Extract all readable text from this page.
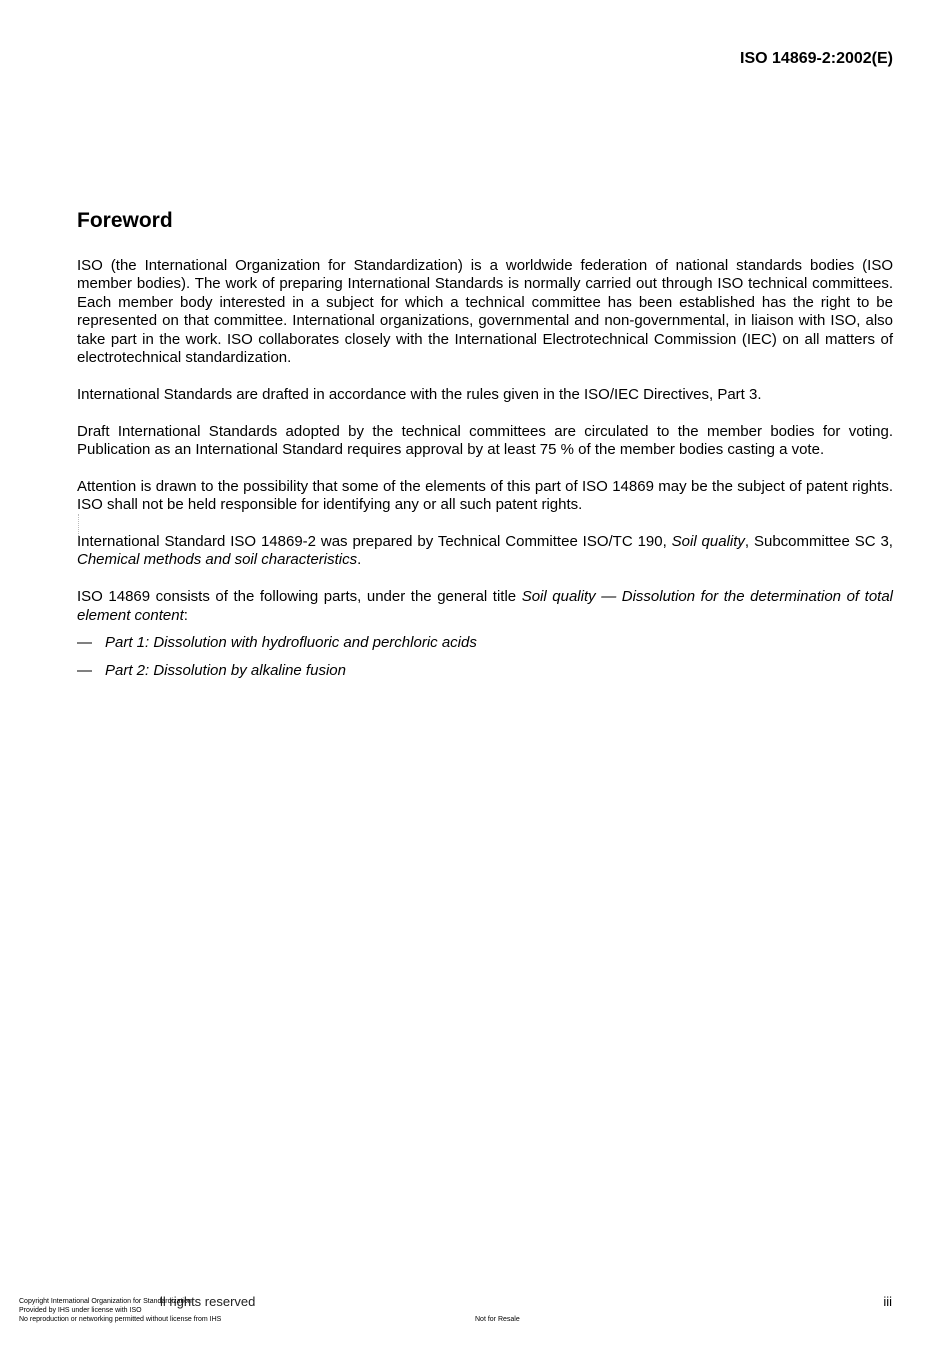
ISO 14869-2:2002(E)
Foreword

ISO (the International Organization for Standardization) is a worldwide federation of national standards bodies (ISO member bodies). The work of preparing International Standards is normally carried out through ISO technical committees. Each member body interested in a subject for which a technical committee has been established has the right to be represented on that committee. International organizations, governmental and non-governmental, in liaison with ISO, also take part in the work. ISO collaborates closely with the International Electrotechnical Commission (IEC) on all matters of electrotechnical standardization.

International Standards are drafted in accordance with the rules given in the ISO/IEC Directives, Part 3.

Draft International Standards adopted by the technical committees are circulated to the member bodies for voting. Publication as an International Standard requires approval by at least 75 % of the member bodies casting a vote.

Attention is drawn to the possibility that some of the elements of this part of ISO 14869 may be the subject of patent rights. ISO shall not be held responsible for identifying any or all such patent rights.

International Standard ISO 14869-2 was prepared by Technical Committee ISO/TC 190, Soil quality, Subcommittee SC 3, Chemical methods and soil characteristics.

ISO 14869 consists of the following parts, under the general title Soil quality — Dissolution for the determination of total element content:

— Part 1: Dissolution with hydrofluoric and perchloric acids
— Part 2: Dissolution by alkaline fusion
ll rights reserved
Copyright International Organization for Standardization
Provided by IHS under license with ISO
No reproduction or networking permitted without license from IHS	Not for Resale
iii
